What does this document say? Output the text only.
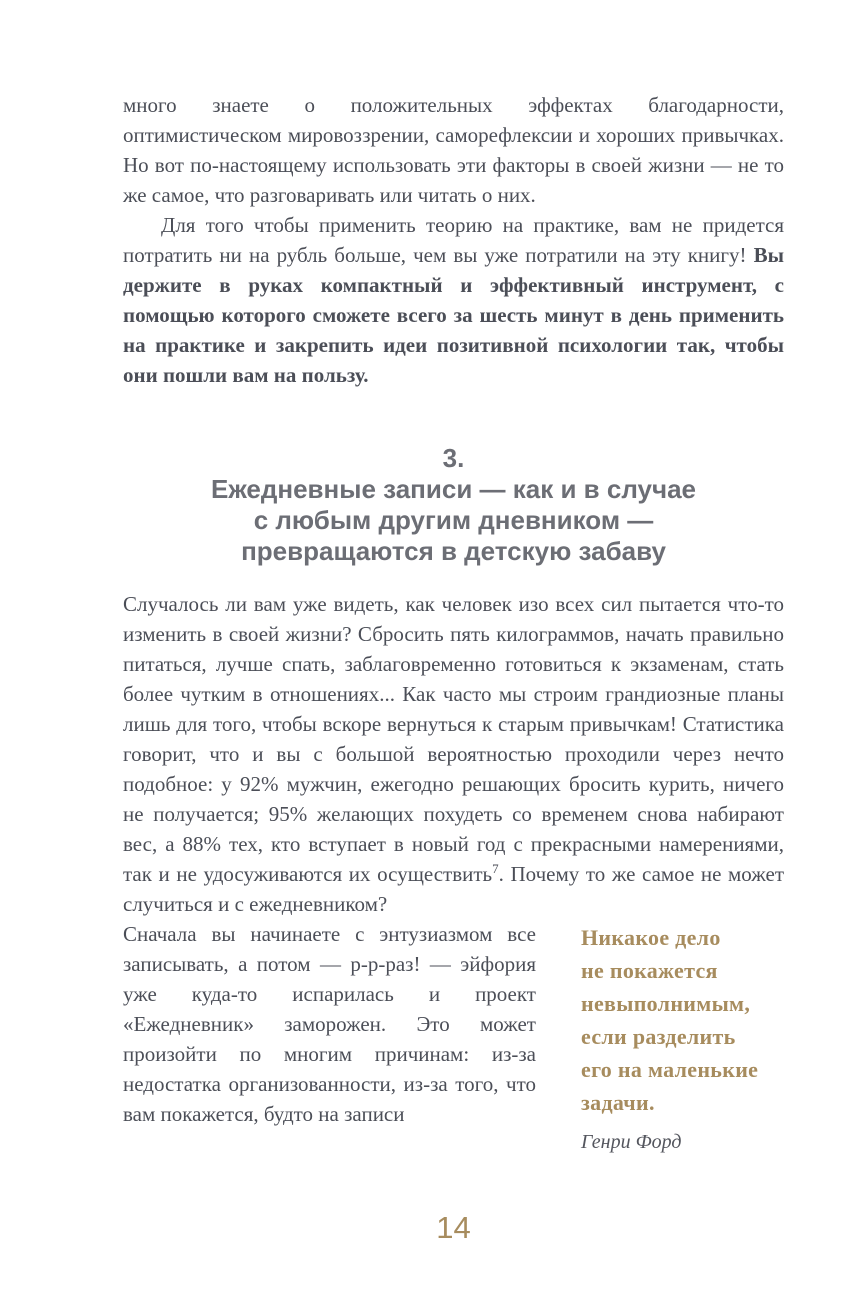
много знаете о положительных эффектах благодарности, оптимистическом мировоззрении, саморефлексии и хороших привычках. Но вот по-настоящему использовать эти факторы в своей жизни — не то же самое, что разговаривать или читать о них.

Для того чтобы применить теорию на практике, вам не придется потратить ни на рубль больше, чем вы уже потратили на эту книгу! Вы держите в руках компактный и эффективный инструмент, с помощью которого сможете всего за шесть минут в день применить на практике и закрепить идеи позитивной психологии так, чтобы они пошли вам на пользу.

3.
Ежедневные записи — как и в случае
с любым другим дневником —
превращаются в детскую забаву

Случалось ли вам уже видеть, как человек изо всех сил пытается что-то изменить в своей жизни? Сбросить пять килограммов, начать правильно питаться, лучше спать, заблаговременно готовиться к экзаменам, стать более чутким в отношениях... Как часто мы строим грандиозные планы лишь для того, чтобы вскоре вернуться к старым привычкам! Статистика говорит, что и вы с большой вероятностью проходили через нечто подобное: у 92% мужчин, ежегодно решающих бросить курить, ничего не получается; 95% желающих похудеть со временем снова набирают вес, а 88% тех, кто вступает в новый год с прекрасными намерениями, так и не удосуживаются их осуществить$^7$. Почему то же самое не может случиться и с ежедневником?

Никакое дело
не покажется
невыполнимым,
если разделить
его на маленькие
задачи.
Генри Форд

Сначала вы начинаете с энтузиазмом все записывать, а потом — р-р-раз! — эйфория уже куда-то испарилась и проект «Ежедневник» заморожен. Это может произойти по многим причинам: из-за недостатка организованности, из-за того, что вам покажется, будто на записи

14
